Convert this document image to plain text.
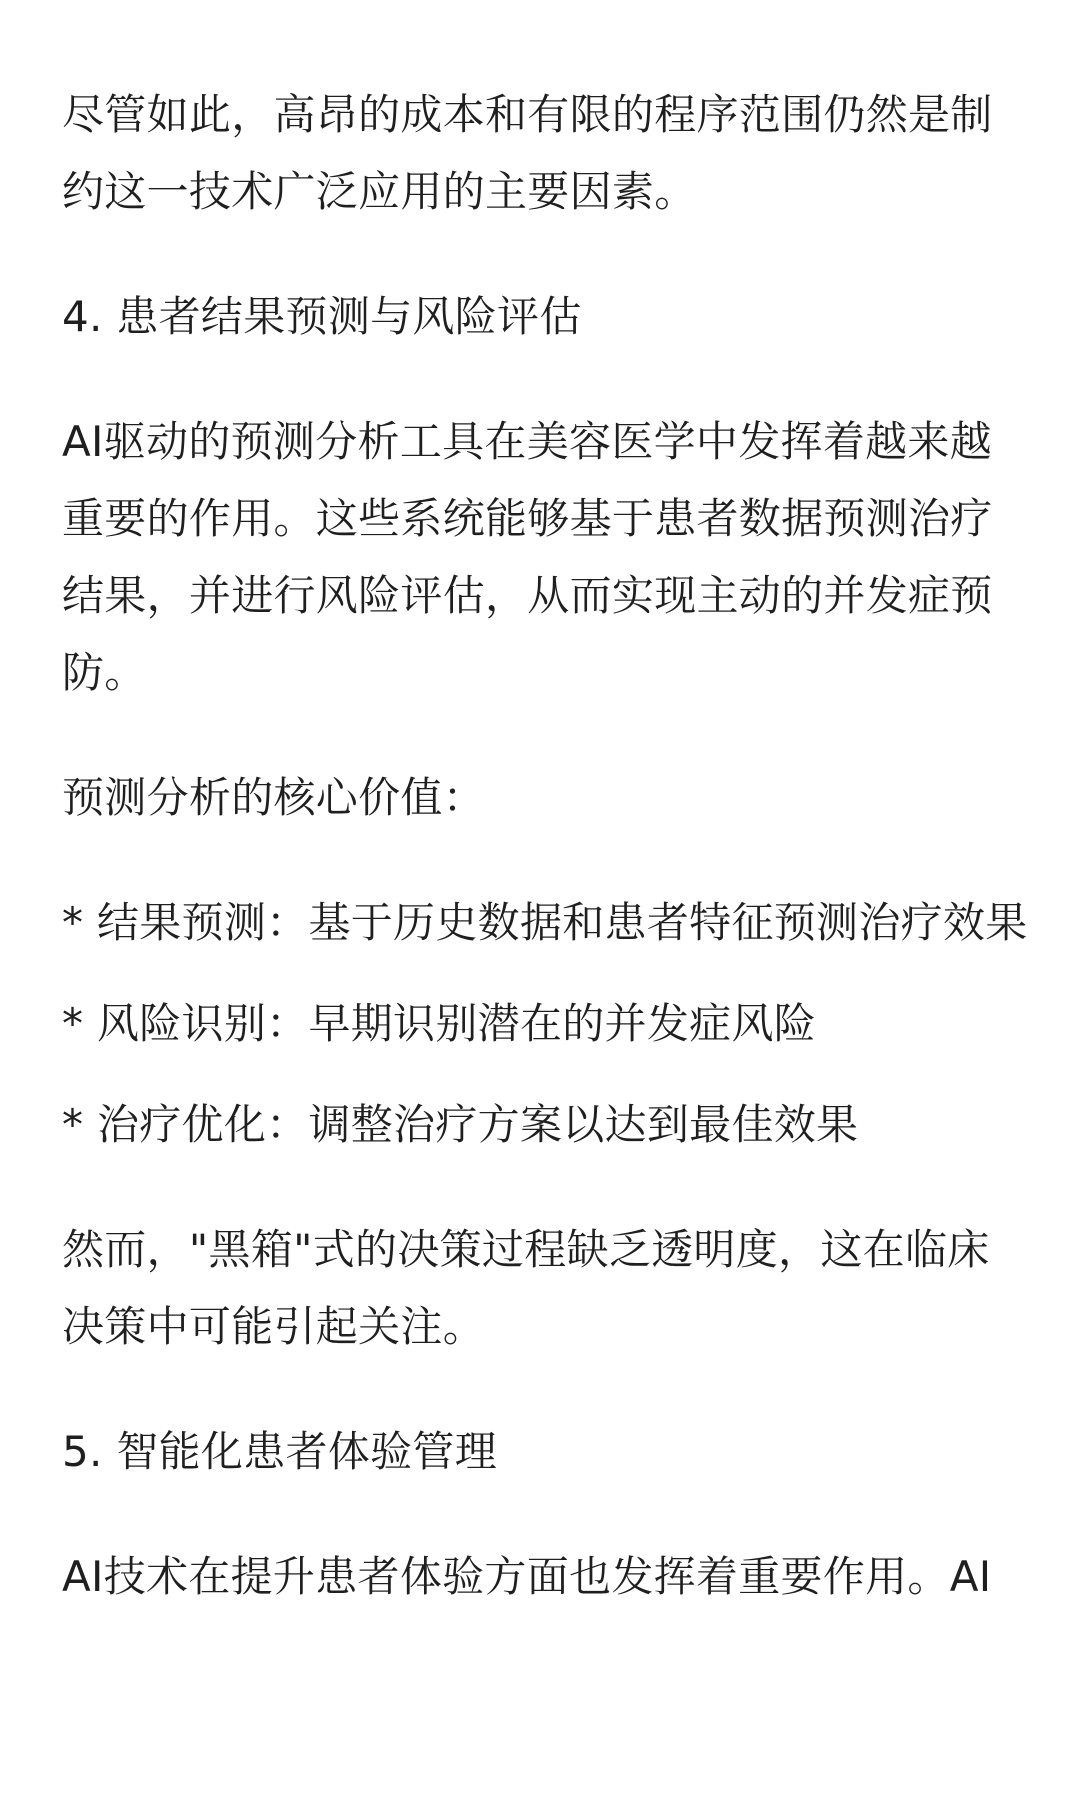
尽管如此，高昂的成本和有限的程序范围仍然是制约这一技术广泛应用的主要因素。

4. 患者结果预测与风险评估

AI驱动的预测分析工具在美容医学中发挥着越来越重要的作用。这些系统能够基于患者数据预测治疗结果，并进行风险评估，从而实现主动的并发症预防。

预测分析的核心价值：

* 结果预测：基于历史数据和患者特征预测治疗效果

* 风险识别：早期识别潜在的并发症风险

* 治疗优化：调整治疗方案以达到最佳效果

然而，"黑箱"式的决策过程缺乏透明度，这在临床决策中可能引起关注。

5. 智能化患者体验管理

AI技术在提升患者体验方面也发挥着重要作用。AI
